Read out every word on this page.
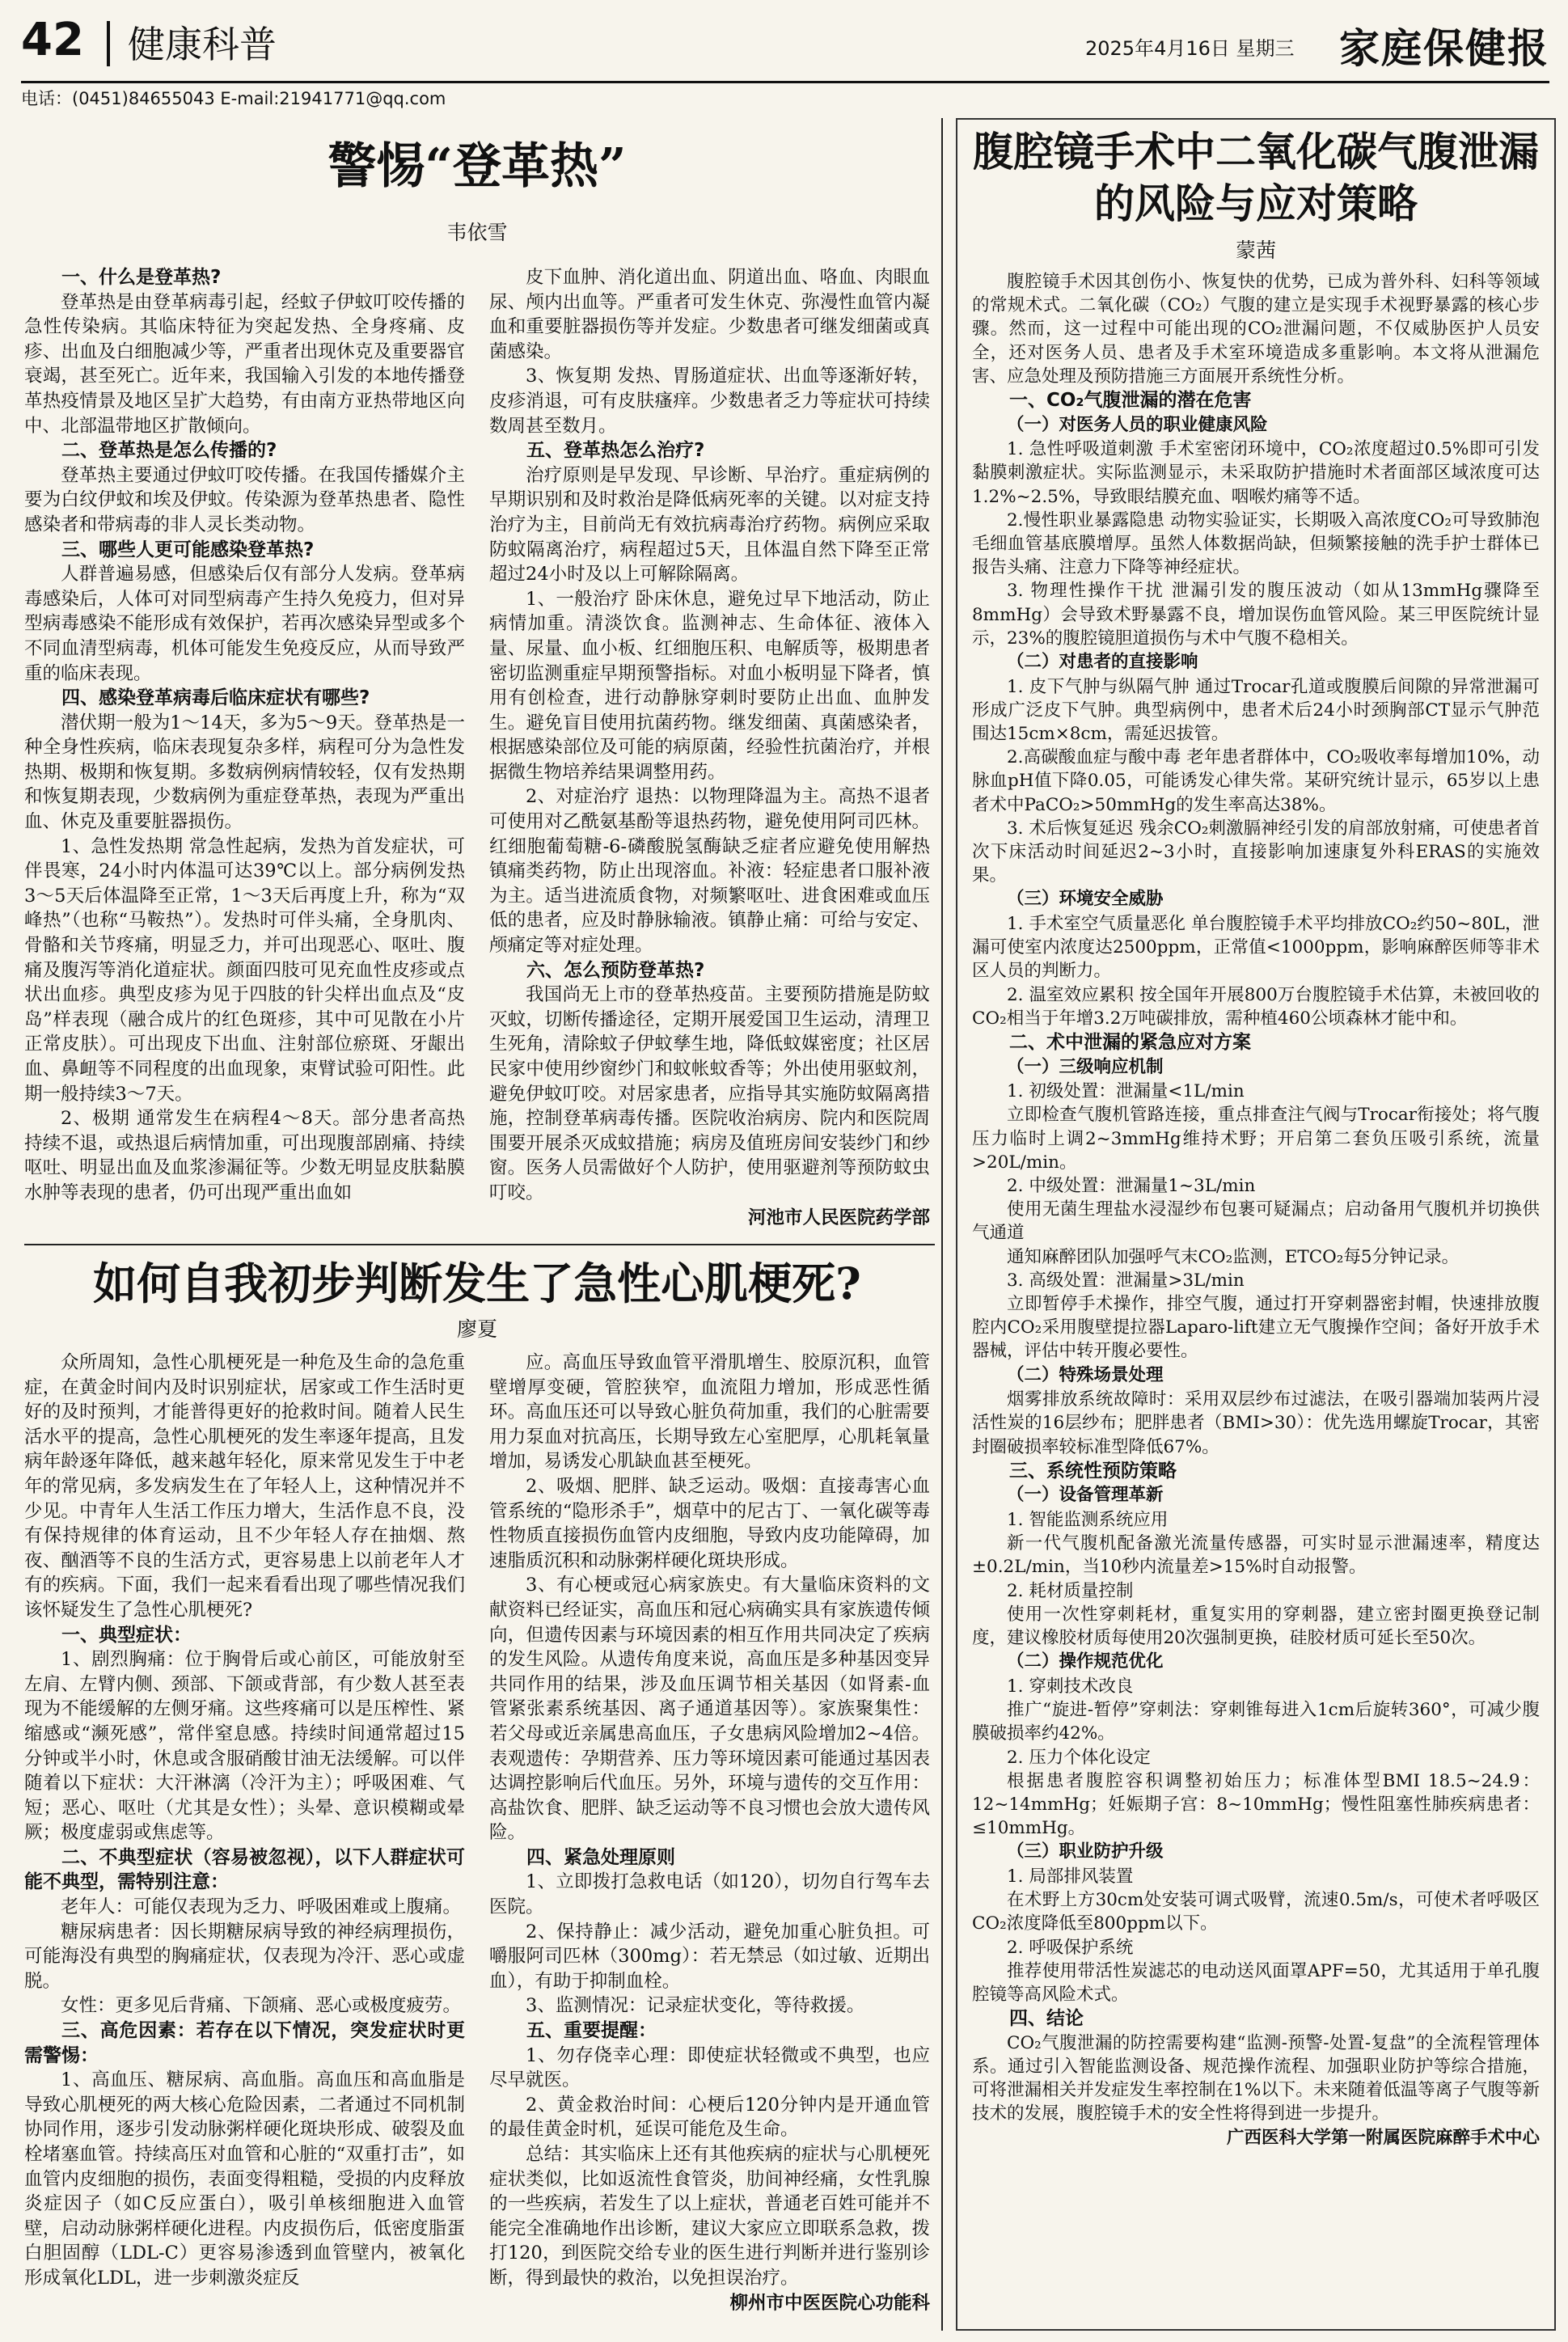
42 健康科普	2025年4月16日 星期三 家庭保健报
电话：(0451)84655043 E-mail:21941771@qq.com
警惕“登革热”
韦依雪
一、什么是登革热?

登革热是由登革病毒引起，经蚊子伊蚊叮咬传播的急性传染病。其临床特征为突起发热、全身疼痛、皮疹、出血及白细胞减少等，严重者出现休克及重要器官衰竭，甚至死亡。近年来，我国输入引发的本地传播登革热疫情景及地区呈扩大趋势，有由南方亚热带地区向中、北部温带地区扩散倾向。

二、登革热是怎么传播的?

登革热主要通过伊蚊叮咬传播。在我国传播媒介主要为白纹伊蚊和埃及伊蚊。传染源为登革热患者、隐性感染者和带病毒的非人灵长类动物。

三、哪些人更可能感染登革热?

人群普遍易感，但感染后仅有部分人发病。登革病毒感染后，人体可对同型病毒产生持久免疫力，但对异型病毒感染不能形成有效保护，若再次感染异型或多个不同血清型病毒，机体可能发生免疫反应，从而导致严重的临床表现。

四、感染登革病毒后临床症状有哪些?

潜伏期一般为1～14天，多为5～9天。登革热是一种全身性疾病，临床表现复杂多样，病程可分为急性发热期、极期和恢复期。多数病例病情较轻，仅有发热期和恢复期表现，少数病例为重症登革热，表现为严重出血、休克及重要脏器损伤。

1、急性发热期 常急性起病，发热为首发症状，可伴畏寒，24小时内体温可达39℃以上。部分病例发热3～5天后体温降至正常，1～3天后再度上升，称为“双峰热”（也称“马鞍热”）。发热时可伴头痛，全身肌肉、骨骼和关节疼痛，明显乏力，并可出现恶心、呕吐、腹痛及腹泻等消化道症状。颜面四肢可见充血性皮疹或点状出血疹。典型皮疹为见于四肢的针尖样出血点及“皮岛”样表现（融合成片的红色斑疹，其中可见散在小片正常皮肤）。可出现皮下出血、注射部位瘀斑、牙龈出血、鼻衄等不同程度的出血现象，束臂试验可阳性。此期一般持续3～7天。

2、极期 通常发生在病程4～8天。部分患者高热持续不退，或热退后病情加重，可出现腹部剧痛、持续呕吐、明显出血及血浆渗漏征等。少数无明显皮肤黏膜水肿等表现的患者，仍可出现严重出血如

皮下血肿、消化道出血、阴道出血、咯血、肉眼血尿、颅内出血等。严重者可发生休克、弥漫性血管内凝血和重要脏器损伤等并发症。少数患者可继发细菌或真菌感染。

3、恢复期 发热、胃肠道症状、出血等逐渐好转，皮疹消退，可有皮肤瘙痒。少数患者乏力等症状可持续数周甚至数月。

五、登革热怎么治疗?

治疗原则是早发现、早诊断、早治疗。重症病例的早期识别和及时救治是降低病死率的关键。以对症支持治疗为主，目前尚无有效抗病毒治疗药物。病例应采取防蚊隔离治疗，病程超过5天，且体温自然下降至正常超过24小时及以上可解除隔离。

1、一般治疗 卧床休息，避免过早下地活动，防止病情加重。清淡饮食。监测神志、生命体征、液体入量、尿量、血小板、红细胞压积、电解质等，极期患者密切监测重症早期预警指标。对血小板明显下降者，慎用有创检查，进行动静脉穿刺时要防止出血、血肿发生。避免盲目使用抗菌药物。继发细菌、真菌感染者，根据感染部位及可能的病原菌，经验性抗菌治疗，并根据微生物培养结果调整用药。

2、对症治疗 退热：以物理降温为主。高热不退者可使用对乙酰氨基酚等退热药物，避免使用阿司匹林。红细胞葡萄糖-6-磷酸脱氢酶缺乏症者应避免使用解热镇痛类药物，防止出现溶血。补液：轻症患者口服补液为主。适当进流质食物，对频繁呕吐、进食困难或血压低的患者，应及时静脉输液。镇静止痛：可给与安定、颅痛定等对症处理。

六、怎么预防登革热?

我国尚无上市的登革热疫苗。主要预防措施是防蚊灭蚊，切断传播途径，定期开展爱国卫生运动，清理卫生死角，清除蚊子伊蚊孳生地，降低蚊媒密度；社区居民家中使用纱窗纱门和蚊帐蚊香等；外出使用驱蚊剂，避免伊蚊叮咬。对居家患者，应指导其实施防蚊隔离措施，控制登革病毒传播。医院收治病房、院内和医院周围要开展杀灭成蚊措施；病房及值班房间安装纱门和纱窗。医务人员需做好个人防护，使用驱避剂等预防蚊虫叮咬。

河池市人民医院药学部

如何自我初步判断发生了急性心肌梗死?
廖夏

众所周知，急性心肌梗死是一种危及生命的急危重症，在黄金时间内及时识别症状，居家或工作生活时更好的及时预判，才能普得更好的抢救时间。随着人民生活水平的提高，急性心肌梗死的发生率逐年提高，且发病年龄逐年降低，越来越年轻化，原来常见发生于中老年的常见病，多发病发生在了年轻人上，这种情况并不少见。中青年人生活工作压力增大，生活作息不良，没有保持规律的体育运动，且不少年轻人存在抽烟、熬夜、酗酒等不良的生活方式，更容易患上以前老年人才有的疾病。下面，我们一起来看看出现了哪些情况我们该怀疑发生了急性心肌梗死?

一、典型症状：

1、剧烈胸痛：位于胸骨后或心前区，可能放射至左肩、左臂内侧、颈部、下颌或背部，有少数人甚至表现为不能缓解的左侧牙痛。这些疼痛可以是压榨性、紧缩感或“濒死感”，常伴窒息感。持续时间通常超过15分钟或半小时，休息或含服硝酸甘油无法缓解。可以伴随着以下症状：大汗淋漓（冷汗为主）；呼吸困难、气短；恶心、呕吐（尤其是女性）；头晕、意识模糊或晕厥；极度虚弱或焦虑等。

二、不典型症状（容易被忽视），以下人群症状可能不典型，需特别注意：

老年人：可能仅表现为乏力、呼吸困难或上腹痛。

糖尿病患者：因长期糖尿病导致的神经病理损伤，可能海没有典型的胸痛症状，仅表现为冷汗、恶心或虚脱。

女性：更多见后背痛、下颌痛、恶心或极度疲劳。

三、高危因素：若存在以下情况，突发症状时更需警惕：

1、高血压、糖尿病、高血脂。高血压和高血脂是导致心肌梗死的两大核心危险因素，二者通过不同机制协同作用，逐步引发动脉粥样硬化斑块形成、破裂及血栓堵塞血管。持续高压对血管和心脏的“双重打击”，如血管内皮细胞的损伤，表面变得粗糙，受损的内皮释放炎症因子（如C反应蛋白），吸引单核细胞进入血管壁，启动动脉粥样硬化进程。内皮损伤后，低密度脂蛋白胆固醇（LDL-C）更容易渗透到血管壁内，被氧化形成氧化LDL，进一步刺激炎症反

应。高血压导致血管平滑肌增生、胶原沉积，血管壁增厚变硬，管腔狭窄，血流阻力增加，形成恶性循环。高血压还可以导致心脏负荷加重，我们的心脏需要用力泵血对抗高压，长期导致左心室肥厚，心肌耗氧量增加，易诱发心肌缺血甚至梗死。

2、吸烟、肥胖、缺乏运动。吸烟：直接毒害心血管系统的“隐形杀手”，烟草中的尼古丁、一氧化碳等毒性物质直接损伤血管内皮细胞，导致内皮功能障碍，加速脂质沉积和动脉粥样硬化斑块形成。

3、有心梗或冠心病家族史。有大量临床资料的文献资料已经证实，高血压和冠心病确实具有家族遗传倾向，但遗传因素与环境因素的相互作用共同决定了疾病的发生风险。从遗传角度来说，高血压是多种基因变异共同作用的结果，涉及血压调节相关基因（如肾素-血管紧张素系统基因、离子通道基因等）。家族聚集性：若父母或近亲属患高血压，子女患病风险增加2~4倍。表观遗传：孕期营养、压力等环境因素可能通过基因表达调控影响后代血压。另外，环境与遗传的交互作用：高盐饮食、肥胖、缺乏运动等不良习惯也会放大遗传风险。

四、紧急处理原则

1、立即拨打急救电话（如120），切勿自行驾车去医院。

2、保持静止：减少活动，避免加重心脏负担。可嚼服阿司匹林（300mg）：若无禁忌（如过敏、近期出血），有助于抑制血栓。

3、监测情况：记录症状变化，等待救援。

五、重要提醒：

1、勿存侥幸心理：即使症状轻微或不典型，也应尽早就医。

2、黄金救治时间：心梗后120分钟内是开通血管的最佳黄金时机，延误可能危及生命。

总结：其实临床上还有其他疾病的症状与心肌梗死症状类似，比如返流性食管炎，肋间神经痛，女性乳腺的一些疾病，若发生了以上症状，普通老百姓可能并不能完全准确地作出诊断，建议大家应立即联系急救，拨打120，到医院交给专业的医生进行判断并进行鉴别诊断，得到最快的救治，以免担误治疗。

柳州市中医医院心功能科

腹腔镜手术中二氧化碳气腹泄漏的风险与应对策略
蒙茜

腹腔镜手术因其创伤小、恢复快的优势，已成为普外科、妇科等领域的常规术式。二氧化碳（CO₂）气腹的建立是实现手术视野暴露的核心步骤。然而，这一过程中可能出现的CO₂泄漏问题，不仅威胁医护人员安全，还对医务人员、患者及手术室环境造成多重影响。本文将从泄漏危害、应急处理及预防措施三方面展开系统性分析。

一、CO₂气腹泄漏的潜在危害
（一）对医务人员的职业健康风险

1. 急性呼吸道刺激 手术室密闭环境中，CO₂浓度超过0.5%即可引发黏膜刺激症状。实际监测显示，未采取防护措施时术者面部区域浓度可达1.2%~2.5%，导致眼结膜充血、咽喉灼痛等不适。

2.慢性职业暴露隐患 动物实验证实，长期吸入高浓度CO₂可导致肺泡毛细血管基底膜增厚。虽然人体数据尚缺，但频繁接触的洗手护士群体已报告头痛、注意力下降等神经症状。

3. 物理性操作干扰 泄漏引发的腹压波动（如从13mmHg骤降至8mmHg）会导致术野暴露不良，增加误伤血管风险。某三甲医院统计显示，23%的腹腔镜胆道损伤与术中气腹不稳相关。

（二）对患者的直接影响

1. 皮下气肿与纵隔气肿 通过Trocar孔道或腹膜后间隙的异常泄漏可形成广泛皮下气肿。典型病例中，患者术后24小时颈胸部CT显示气肿范围达15cm×8cm，需延迟拔管。

2.高碳酸血症与酸中毒 老年患者群体中，CO₂吸收率每增加10%，动脉血pH值下降0.05，可能诱发心律失常。某研究统计显示，65岁以上患者术中PaCO₂>50mmHg的发生率高达38%。

3. 术后恢复延迟 残余CO₂刺激膈神经引发的肩部放射痛，可使患者首次下床活动时间延迟2~3小时，直接影响加速康复外科ERAS的实施效果。

（三）环境安全威胁

1. 手术室空气质量恶化 单台腹腔镜手术平均排放CO₂约50~80L，泄漏可使室内浓度达2500ppm，正常值<1000ppm，影响麻醉医师等非术区人员的判断力。

2. 温室效应累积 按全国年开展800万台腹腔镜手术估算，未被回收的CO₂相当于年增3.2万吨碳排放，需种植460公顷森林才能中和。

二、术中泄漏的紧急应对方案
（一）三级响应机制

1. 初级处置：泄漏量<1L/min

立即检查气腹机管路连接，重点排查注气阀与Trocar衔接处；将气腹压力临时上调2~3mmHg维持术野；开启第二套负压吸引系统，流量>20L/min。

2. 中级处置：泄漏量1~3L/min

使用无菌生理盐水浸湿纱布包裹可疑漏点；启动备用气腹机并切换供气通道

通知麻醉团队加强呼气末CO₂监测，ETCO₂每5分钟记录。

3. 高级处置：泄漏量>3L/min

立即暂停手术操作，排空气腹，通过打开穿刺器密封帽，快速排放腹腔内CO₂采用腹壁提拉器Laparo-lift建立无气腹操作空间；备好开放手术器械，评估中转开腹必要性。

（二）特殊场景处理

烟雾排放系统故障时：采用双层纱布过滤法，在吸引器端加装两片浸活性炭的16层纱布；肥胖患者（BMI>30）：优先选用螺旋Trocar，其密封圈破损率较标准型降低67%。

三、系统性预防策略
（一）设备管理革新

1. 智能监测系统应用

新一代气腹机配备激光流量传感器，可实时显示泄漏速率，精度达±0.2L/min，当10秒内流量差>15%时自动报警。

2. 耗材质量控制

使用一次性穿刺耗材，重复实用的穿刺器，建立密封圈更换登记制度，建议橡胶材质每使用20次强制更换，硅胶材质可延长至50次。

（二）操作规范优化

1. 穿刺技术改良

推广“旋进-暂停”穿刺法：穿刺锥每进入1cm后旋转360°，可减少腹膜破损率约42%。

2. 压力个体化设定

根据患者腹腔容积调整初始压力；标准体型BMI 18.5~24.9：12~14mmHg；妊娠期子宫：8~10mmHg；慢性阻塞性肺疾病患者：≤10mmHg。

（三）职业防护升级

1. 局部排风装置

在术野上方30cm处安装可调式吸臂，流速0.5m/s，可使术者呼吸区CO₂浓度降低至800ppm以下。

2. 呼吸保护系统

推荐使用带活性炭滤芯的电动送风面罩APF=50，尤其适用于单孔腹腔镜等高风险术式。

四、结论

CO₂气腹泄漏的防控需要构建“监测-预警-处置-复盘”的全流程管理体系。通过引入智能监测设备、规范操作流程、加强职业防护等综合措施，可将泄漏相关并发症发生率控制在1%以下。未来随着低温等离子气腹等新技术的发展，腹腔镜手术的安全性将得到进一步提升。

广西医科大学第一附属医院麻醉手术中心
